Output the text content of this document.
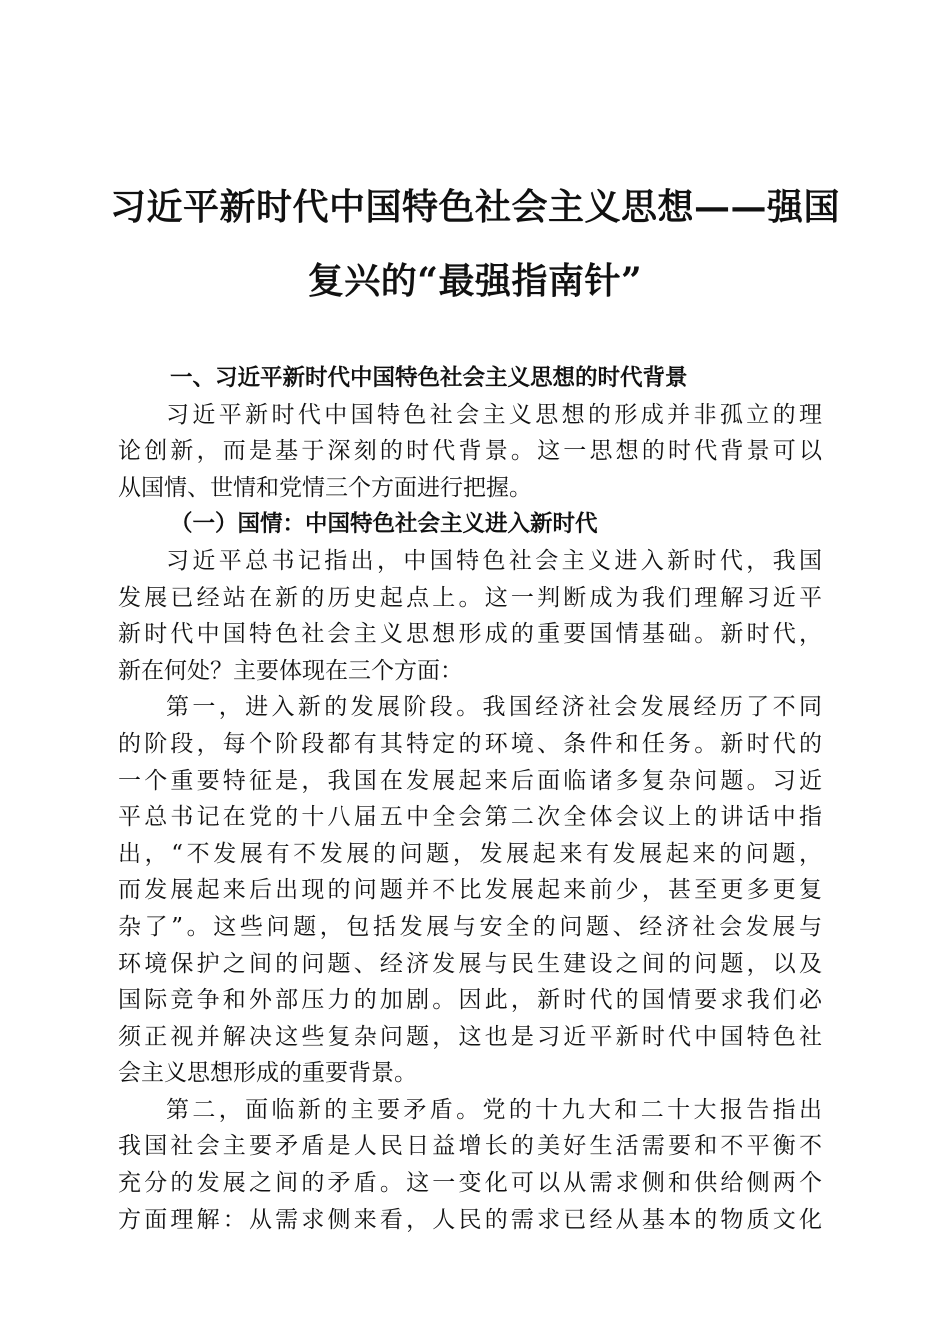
习近平新时代中国特色社会主义思想——强国
复兴的“最强指南针”
一、习近平新时代中国特色社会主义思想的时代背景
习近平新时代中国特色社会主义思想的形成并非孤立的理
论创新，而是基于深刻的时代背景。这一思想的时代背景可以
从国情、世情和党情三个方面进行把握。
（一）国情：中国特色社会主义进入新时代
习近平总书记指出，中国特色社会主义进入新时代，我国
发展已经站在新的历史起点上。这一判断成为我们理解习近平
新时代中国特色社会主义思想形成的重要国情基础。新时代，
新在何处？主要体现在三个方面：
第一，进入新的发展阶段。我国经济社会发展经历了不同
的阶段，每个阶段都有其特定的环境、条件和任务。新时代的
一个重要特征是，我国在发展起来后面临诸多复杂问题。习近
平总书记在党的十八届五中全会第二次全体会议上的讲话中指
出，“不发展有不发展的问题，发展起来有发展起来的问题，
而发展起来后出现的问题并不比发展起来前少，甚至更多更复
杂了”。这些问题，包括发展与安全的问题、经济社会发展与
环境保护之间的问题、经济发展与民生建设之间的问题，以及
国际竞争和外部压力的加剧。因此，新时代的国情要求我们必
须正视并解决这些复杂问题，这也是习近平新时代中国特色社
会主义思想形成的重要背景。
第二，面临新的主要矛盾。党的十九大和二十大报告指出
我国社会主要矛盾是人民日益增长的美好生活需要和不平衡不
充分的发展之间的矛盾。这一变化可以从需求侧和供给侧两个
方面理解：从需求侧来看，人民的需求已经从基本的物质文化
